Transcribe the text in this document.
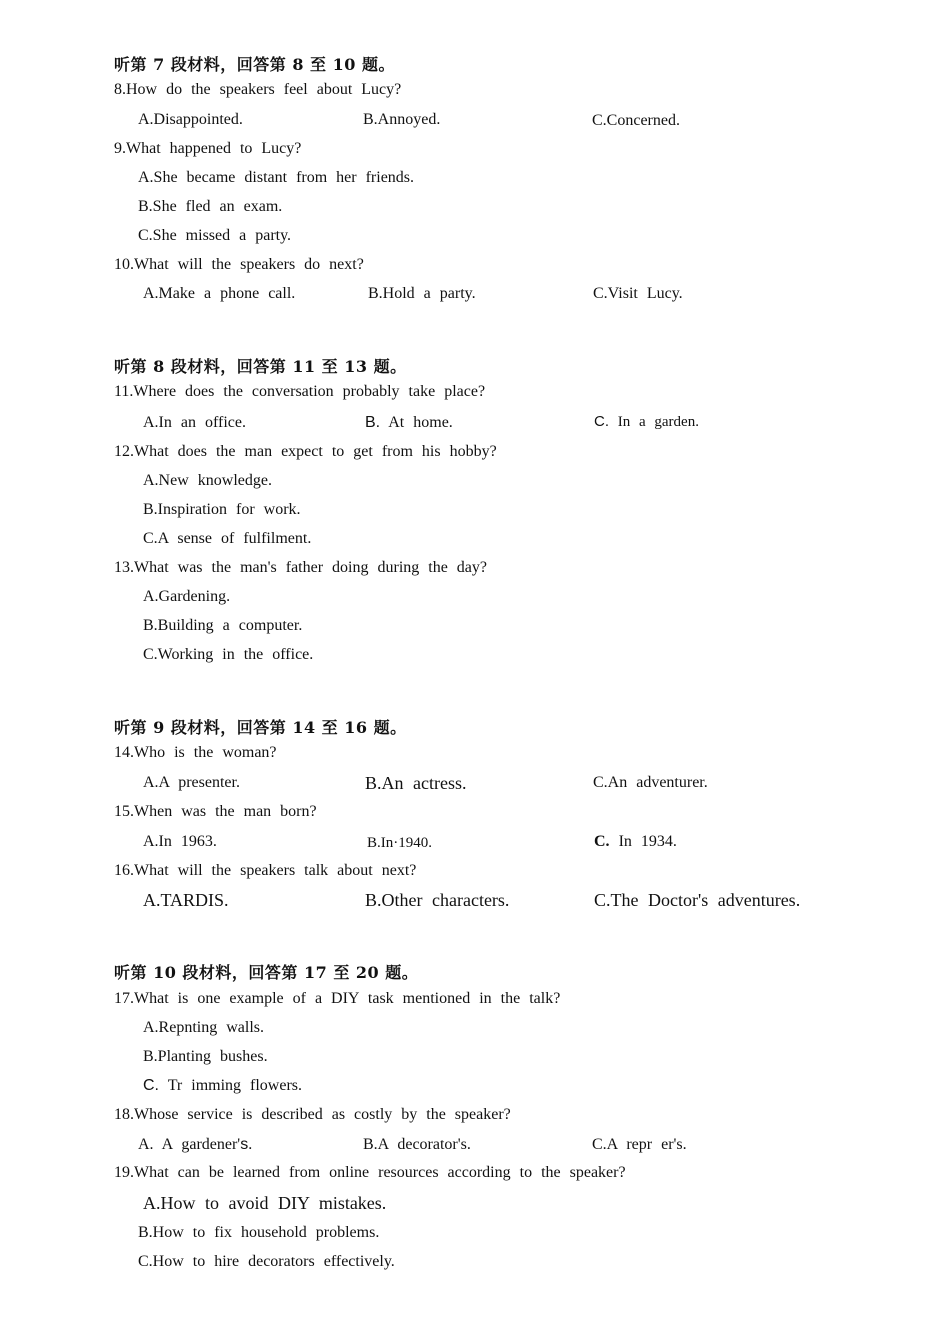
听第 7 段材料，回答第 8 至 10 题。
8.How do the speakers feel about Lucy?
A.Disappointed.	B.Annoyed.	C.Concerned.
9.What happened to Lucy?
A.She became distant from her friends.
B.She fled an exam.
C.She missed a party.
10.What will the speakers do next?
A.Make a phone call.	B.Hold a party.	C.Visit Lucy.
听第 8 段材料，回答第 11 至 13 题。
11.Where does the conversation probably take place?
A.In an office.	B. At home.	C. In a garden.
12.What does the man expect to get from his hobby?
A.New knowledge.
B.Inspiration for work.
C.A sense of fulfilment.
13.What was the man's father doing during the day?
A.Gardening.
B.Building a computer.
C.Working in the office.
听第 9 段材料，回答第 14 至 16 题。
14.Who is the woman?
A.A presenter.	B.An actress.	C.An adventurer.
15.When was the man born?
A.In 1963.	B.In·1940.	C. In 1934.
16.What will the speakers talk about next?
A.TARDIS.	B.Other characters.	C.The Doctor's adventures.
听第 10 段材料，回答第 17 至 20 题。
17.What is one example of a DIY task mentioned in the talk?
A.Repnting walls.
B.Planting bushes.
C. Tr imming flowers.
18.Whose service is described as costly by the speaker?
A. A gardener's.	B.A decorator's.	C.A repr er's.
19.What can be learned from online resources according to the speaker?
A.How to avoid DIY mistakes.
B.How to fix household problems.
C.How to hire decorators effectively.
